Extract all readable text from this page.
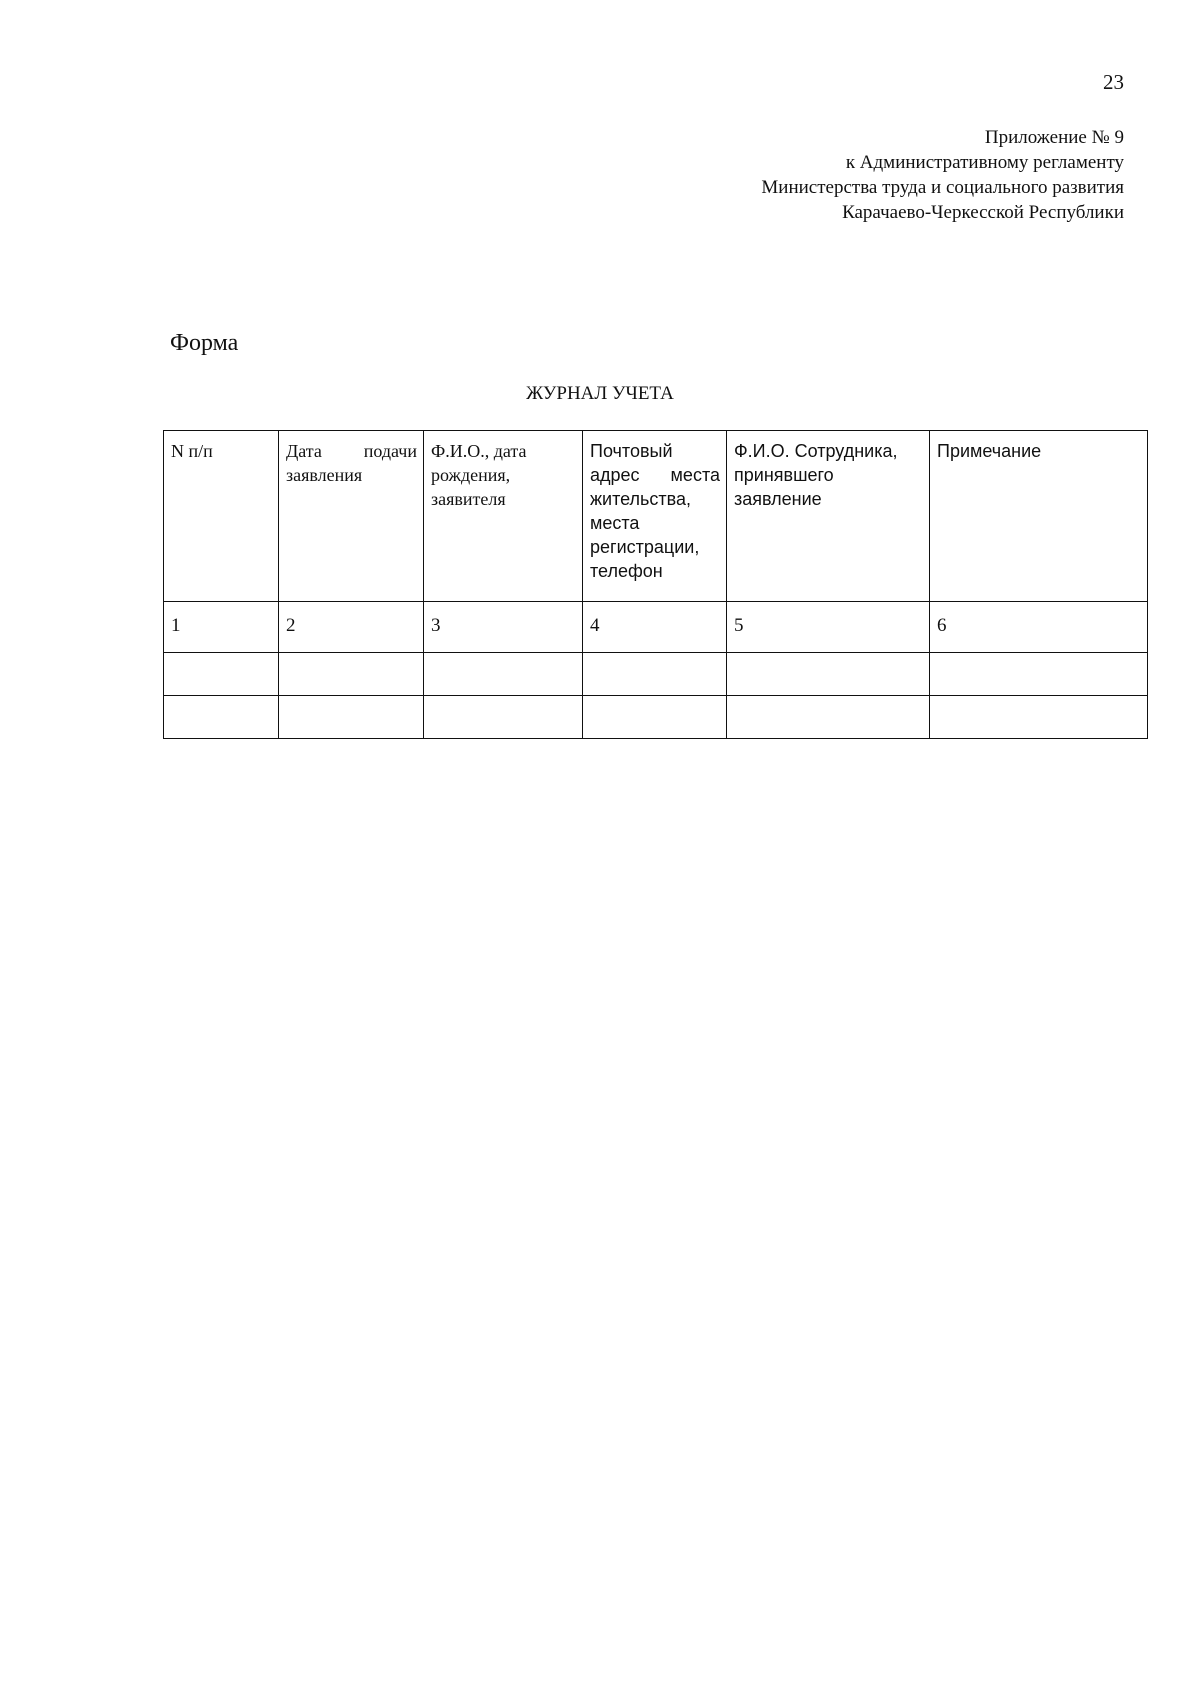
23
Приложение № 9
к Административному регламенту
Министерства труда и социального развития
Карачаево-Черкесской Республики
Форма
ЖУРНАЛ УЧЕТА
N п/п	Дата подачи заявления	Ф.И.О., дата рождения, заявителя	Почтовый адрес места жительства, места регистрации, телефон	Ф.И.О. Сотрудника, принявшего заявление	Примечание
1	2	3	4	5	6
